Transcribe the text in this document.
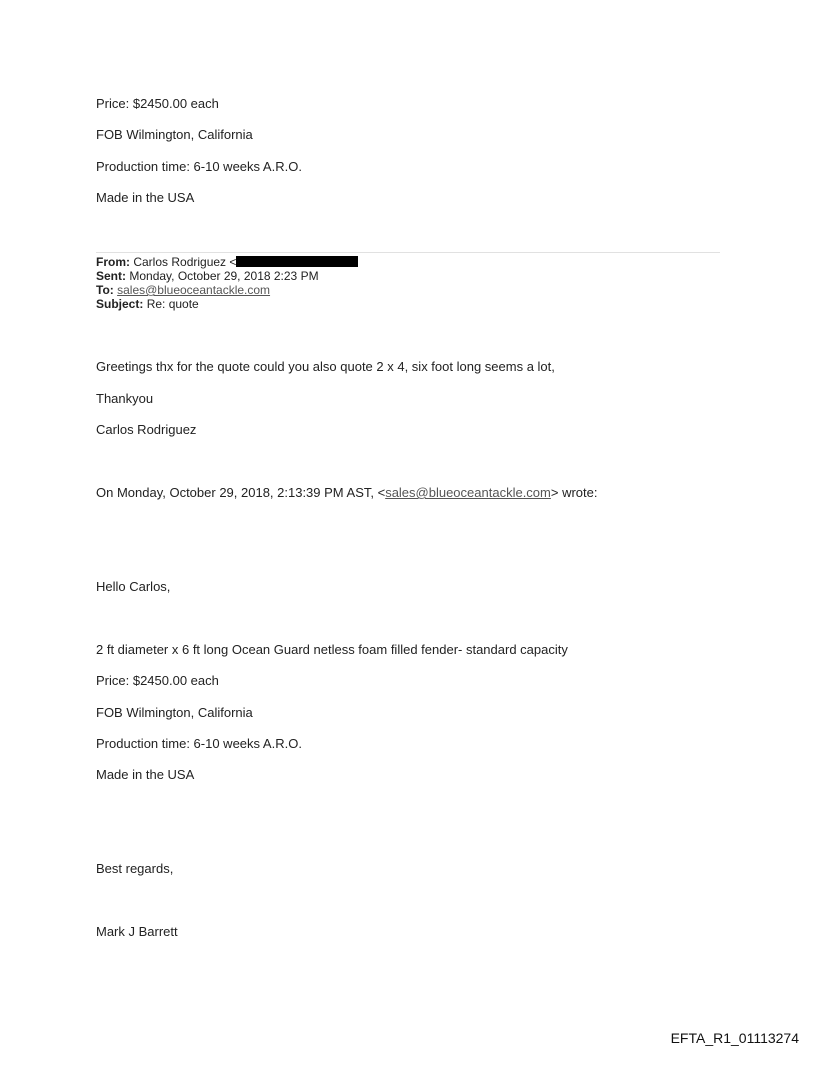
Price: $2450.00 each
FOB Wilmington, California
Production time: 6-10 weeks A.R.O.
Made in the USA
From: Carlos Rodriguez <
Sent: Monday, October 29, 2018 2:23 PM
To: sales@blueoceantackle.com
Subject: Re: quote
Greetings thx for the quote could you also quote 2 x 4, six foot long seems a lot,
Thankyou
Carlos Rodriguez
On Monday, October 29, 2018, 2:13:39 PM AST, <sales@blueoceantackle.com> wrote:
Hello Carlos,
2 ft diameter x 6 ft long Ocean Guard netless foam filled fender- standard capacity
Price: $2450.00 each
FOB Wilmington, California
Production time: 6-10 weeks A.R.O.
Made in the USA
Best regards,
Mark J Barrett
EFTA_R1_01113274
